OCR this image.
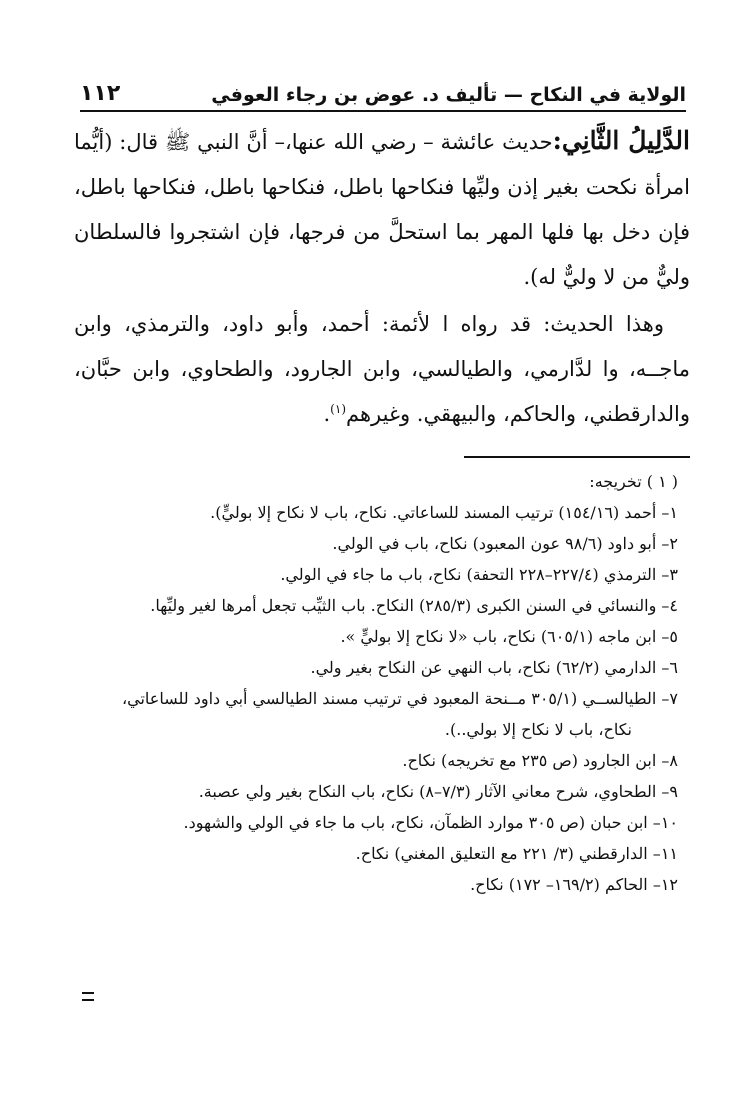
الولاية في النكاح — تأليف د. عوض بن رجاء العوفي
١١٢

الدَّلِيلُ الثَّانِي:حديث عائشة – رضي الله عنها،– أنَّ النبي ﷺ قال: (أيُّما امرأة نكحت بغير إذن وليِّها فنكاحها باطل، فنكاحها باطل، فنكاحها باطل، فإن دخل بها فلها المهر بما استحلَّ من فرجها، فإن اشتجروا فالسلطان وليٌّ من لا وليٌّ له).

وهذا الحديث: قد رواه ا لأئمة: أحمد، وأبو داود، والترمذي، وابن ماجــه، وا لدَّارمي، والطيالسي، وابن الجارود، والطحاوي، وابن حبَّان، والدارقطني، والحاكم، والبيهقي. وغيرهم$^{(١)}$.

( ١ ) تخريجه:

١– أحمد (١٥٤/١٦) ترتيب المسند للساعاتي. نكاح، باب لا نكاح إلا بوليٍّ).
٢– أبو داود (٩٨/٦ عون المعبود) نكاح، باب في الولي.
٣– الترمذي (٢٢٧/٤–٢٢٨ التحفة) نكاح، باب ما جاء في الولي.
٤– والنسائي في السنن الكبرى (٢٨٥/٣) النكاح. باب الثيِّب تجعل أمرها لغير وليِّها.
٥– ابن ماجه (٦٠٥/١) نكاح، باب «لا نكاح إلا بوليٍّ ».
٦– الدارمي (٦٢/٢) نكاح، باب النهي عن النكاح بغير ولي.
٧– الطيالســي (٣٠٥/١ مــنحة المعبود في ترتيب مسند الطيالسي أبي داود للساعاتي،
نكاح، باب لا نكاح إلا بولي..).
٨– ابن الجارود (ص ٢٣٥ مع تخريجه) نكاح.
٩– الطحاوي، شرح معاني الآثار (٧/٣–٨) نكاح، باب النكاح بغير ولي عصبة.
١٠– ابن حبان (ص ٣٠٥ موارد الظمآن، نكاح، باب ما جاء في الولي والشهود.
١١– الدارقطني (٣/ ٢٢١ مع التعليق المغني) نكاح.
١٢– الحاكم (١٦٩/٢– ١٧٢) نكاح.
